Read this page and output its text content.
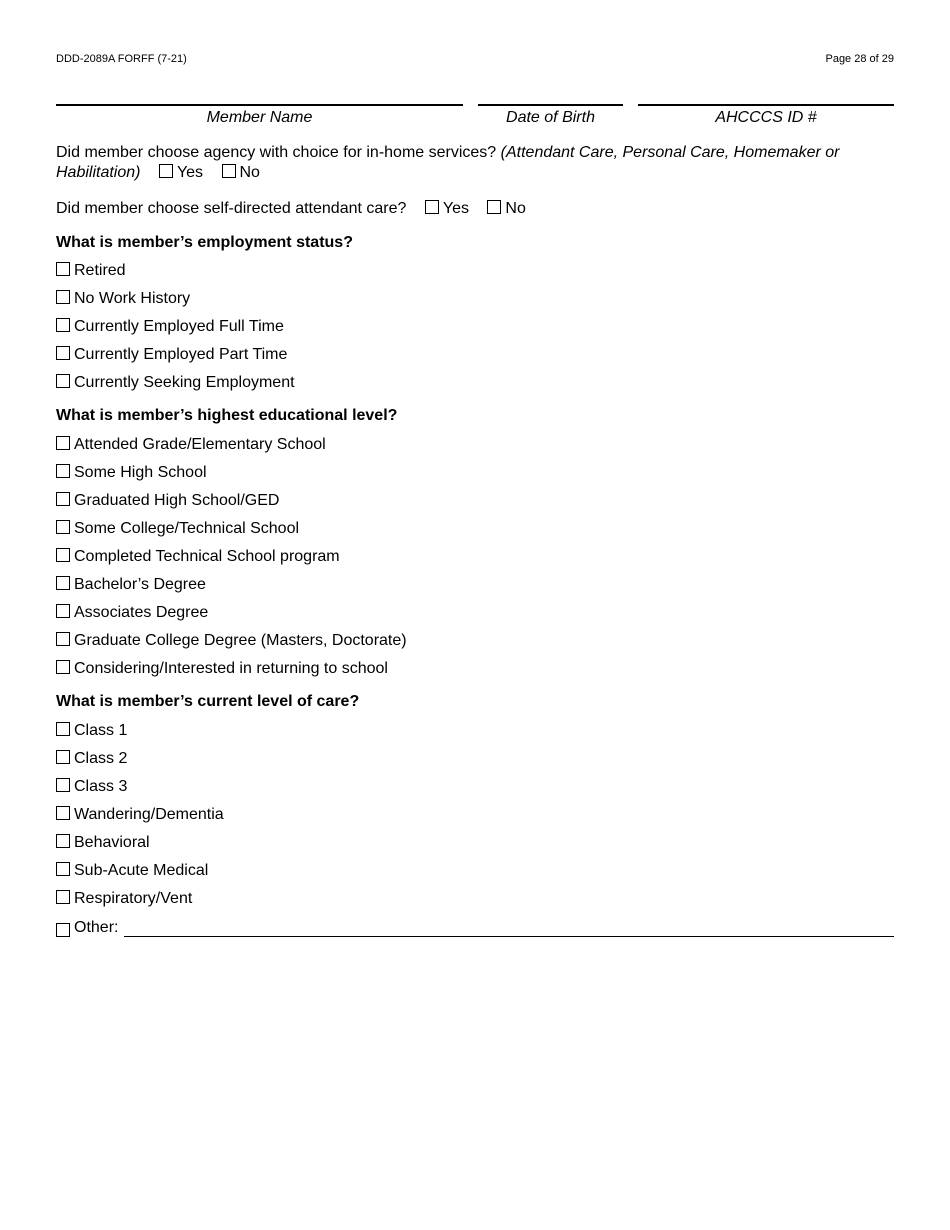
DDD-2089A FORFF (7-21)	Page 28 of 29
Member Name	Date of Birth	AHCCCS ID #
Did member choose agency with choice for in-home services? (Attendant Care, Personal Care, Homemaker or Habilitation) Yes No
Did member choose self-directed attendant care? Yes No
What is member’s employment status?
Retired
No Work History
Currently Employed Full Time
Currently Employed Part Time
Currently Seeking Employment
What is member’s highest educational level?
Attended Grade/Elementary School
Some High School
Graduated High School/GED
Some College/Technical School
Completed Technical School program
Bachelor’s Degree
Associates Degree
Graduate College Degree (Masters, Doctorate)
Considering/Interested in returning to school
What is member’s current level of care?
Class 1
Class 2
Class 3
Wandering/Dementia
Behavioral
Sub-Acute Medical
Respiratory/Vent
Other:
